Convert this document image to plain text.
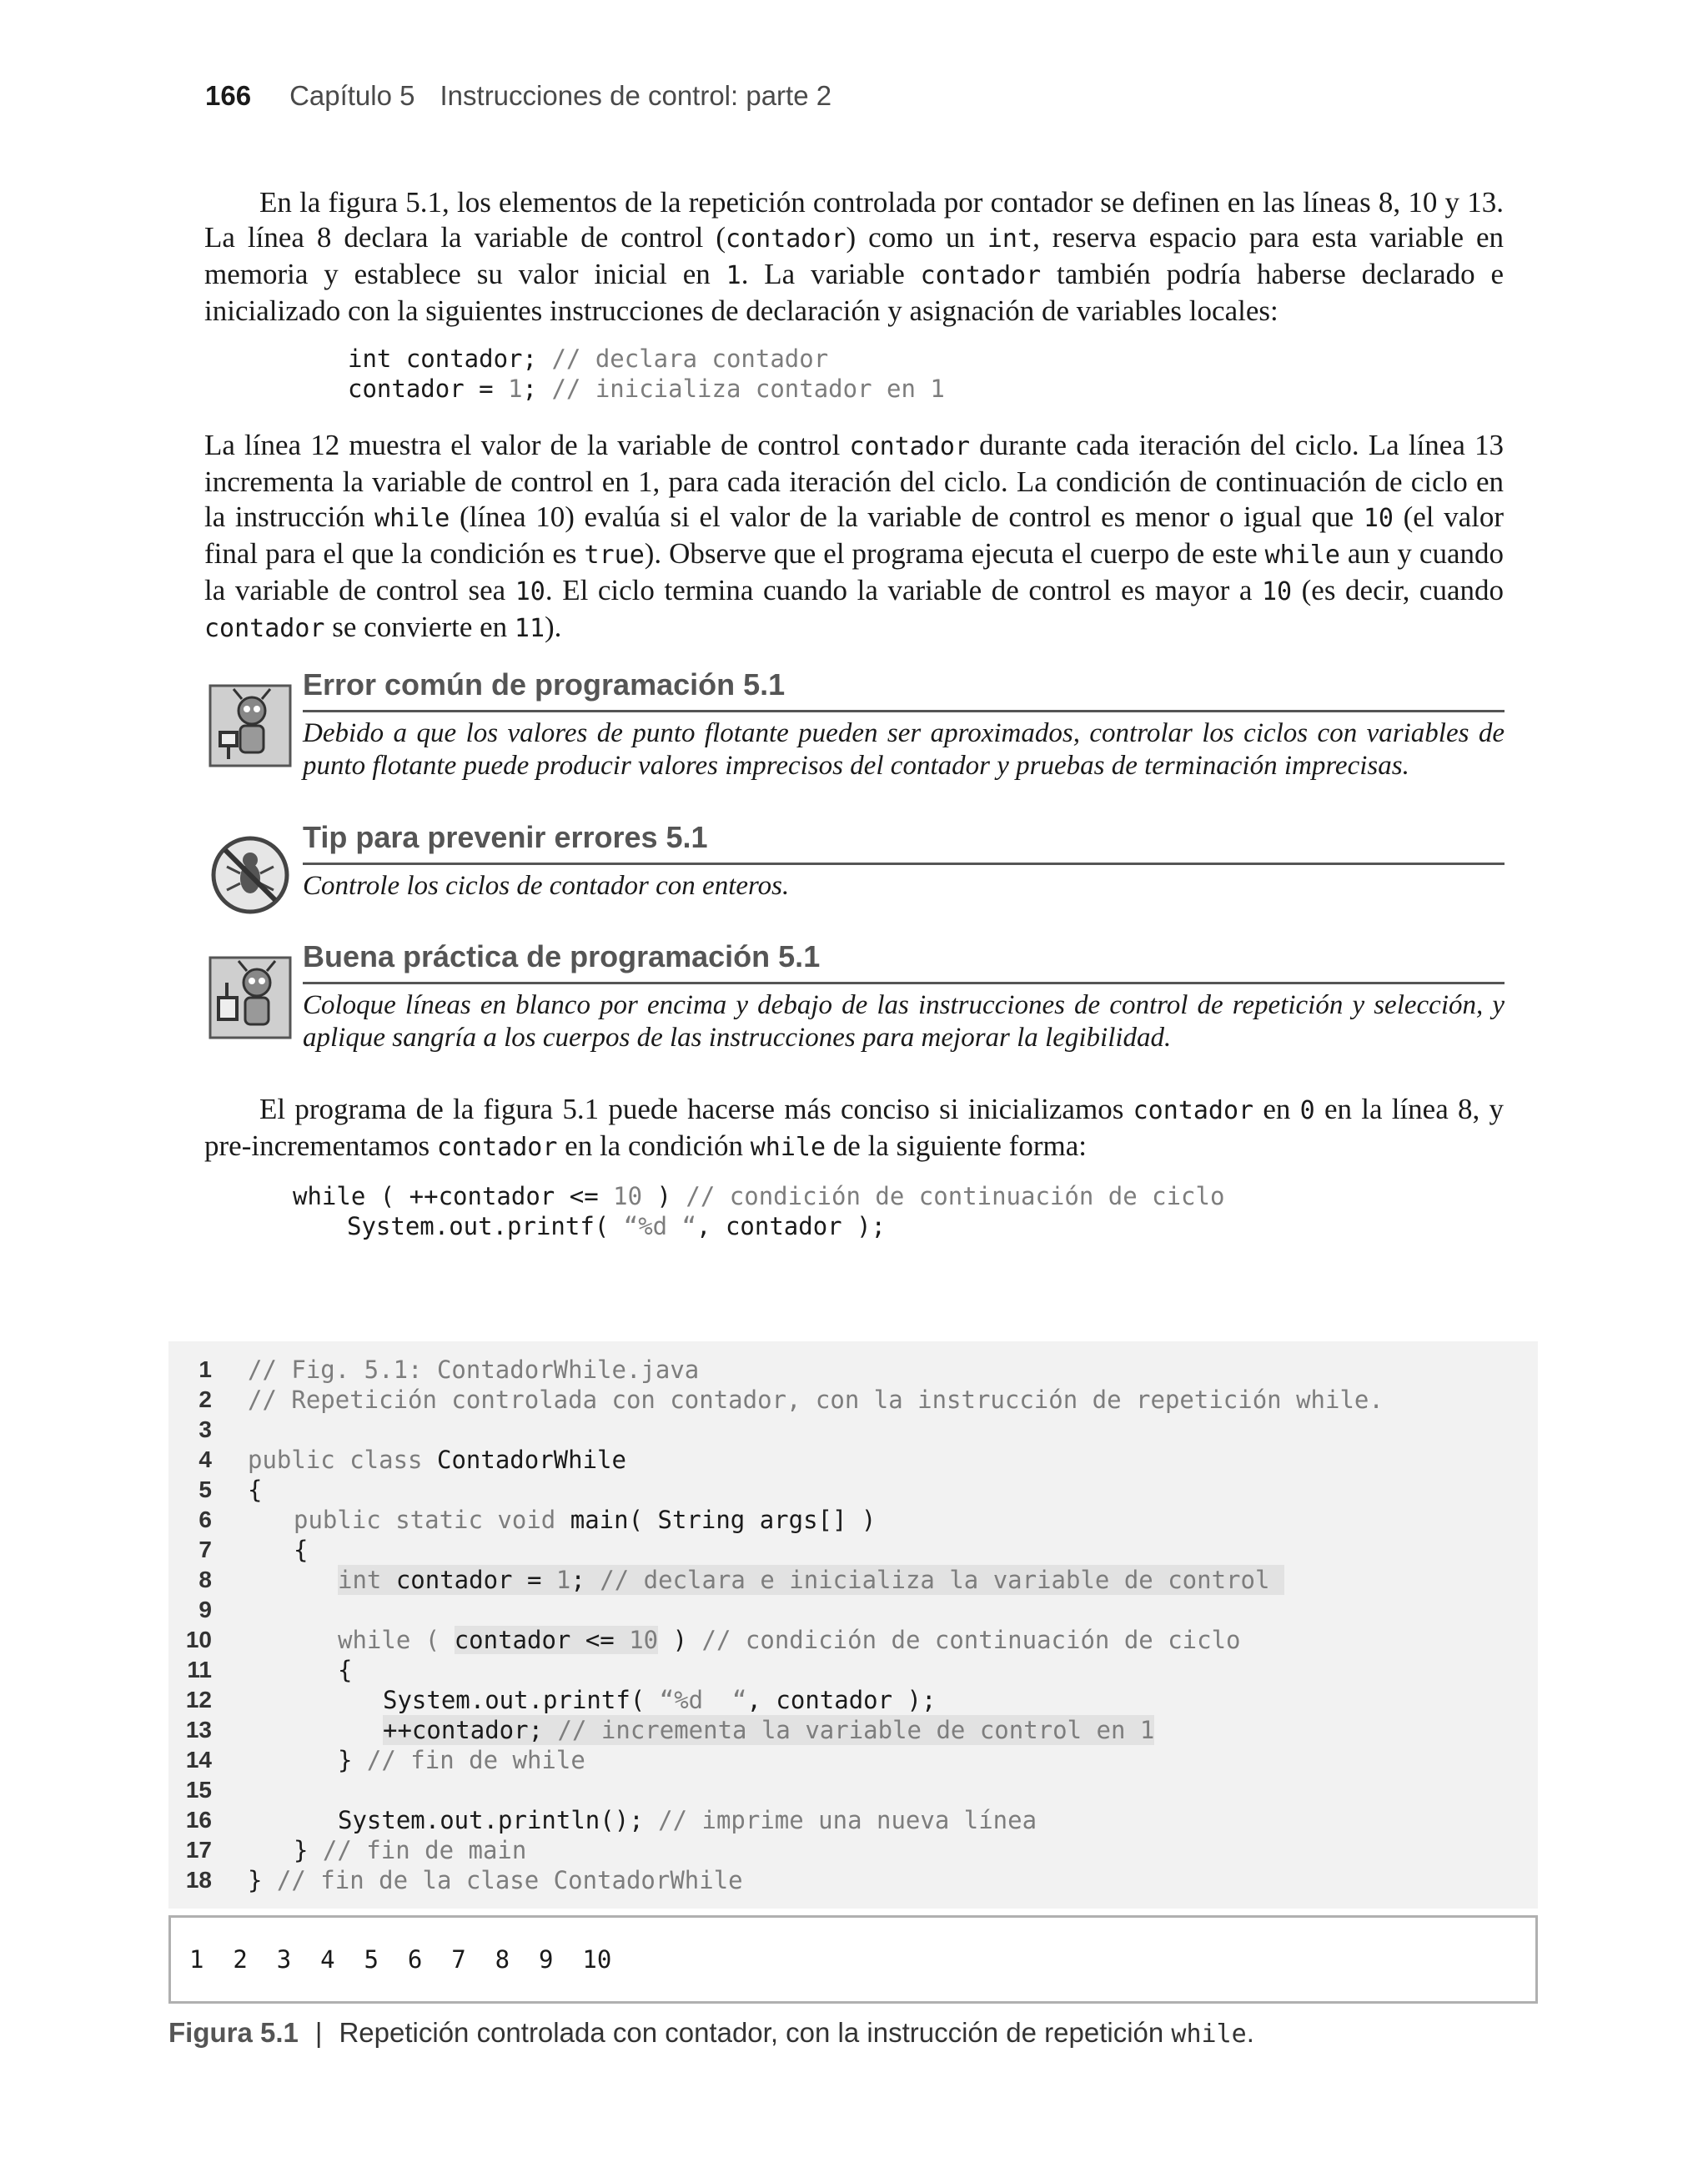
166 Capítulo 5 Instrucciones de control: parte 2
En la figura 5.1, los elementos de la repetición controlada por contador se definen en las líneas 8, 10 y 13. La línea 8 declara la variable de control (contador) como un int, reserva espacio para esta variable en memoria y establece su valor inicial en 1. La variable contador también podría haberse declarado e inicializado con la siguientes instrucciones de declaración y asignación de variables locales:
int contador; // declara contador
contador = 1; // inicializa contador en 1
La línea 12 muestra el valor de la variable de control contador durante cada iteración del ciclo. La línea 13 incrementa la variable de control en 1, para cada iteración del ciclo. La condición de continuación de ciclo en la instrucción while (línea 10) evalúa si el valor de la variable de control es menor o igual que 10 (el valor final para el que la condición es true). Observe que el programa ejecuta el cuerpo de este while aun y cuando la variable de control sea 10. El ciclo termina cuando la variable de control es mayor a 10 (es decir, cuando contador se convierte en 11).
Error común de programación 5.1
Debido a que los valores de punto flotante pueden ser aproximados, controlar los ciclos con variables de punto flotante puede producir valores imprecisos del contador y pruebas de terminación imprecisas.
Tip para prevenir errores 5.1
Controle los ciclos de contador con enteros.
Buena práctica de programación 5.1
Coloque líneas en blanco por encima y debajo de las instrucciones de control de repetición y selección, y aplique sangría a los cuerpos de las instrucciones para mejorar la legibilidad.
El programa de la figura 5.1 puede hacerse más conciso si inicializamos contador en 0 en la línea 8, y pre-incrementamos contador en la condición while de la siguiente forma:
while ( ++contador <= 10 ) // condición de continuación de ciclo
System.out.printf( “%d “, contador );
1 // Fig. 5.1: ContadorWhile.java
2 // Repetición controlada con contador, con la instrucción de repetición while.
3
4 public class ContadorWhile
5 {
6	public static void main( String args[] )
7	{
8	int contador = 1; // declara e inicializa la variable de control
9
10	while ( contador <= 10 ) // condición de continuación de ciclo
11	{
12	System.out.printf( “%d  “, contador );
13	++contador; // incrementa la variable de control en 1
14	} // fin de while
15
16	System.out.println(); // imprime una nueva línea
17	} // fin de main
18 } // fin de la clase ContadorWhile
1  2  3  4  5  6  7  8  9  10
Figura 5.1 | Repetición controlada con contador, con la instrucción de repetición while.
